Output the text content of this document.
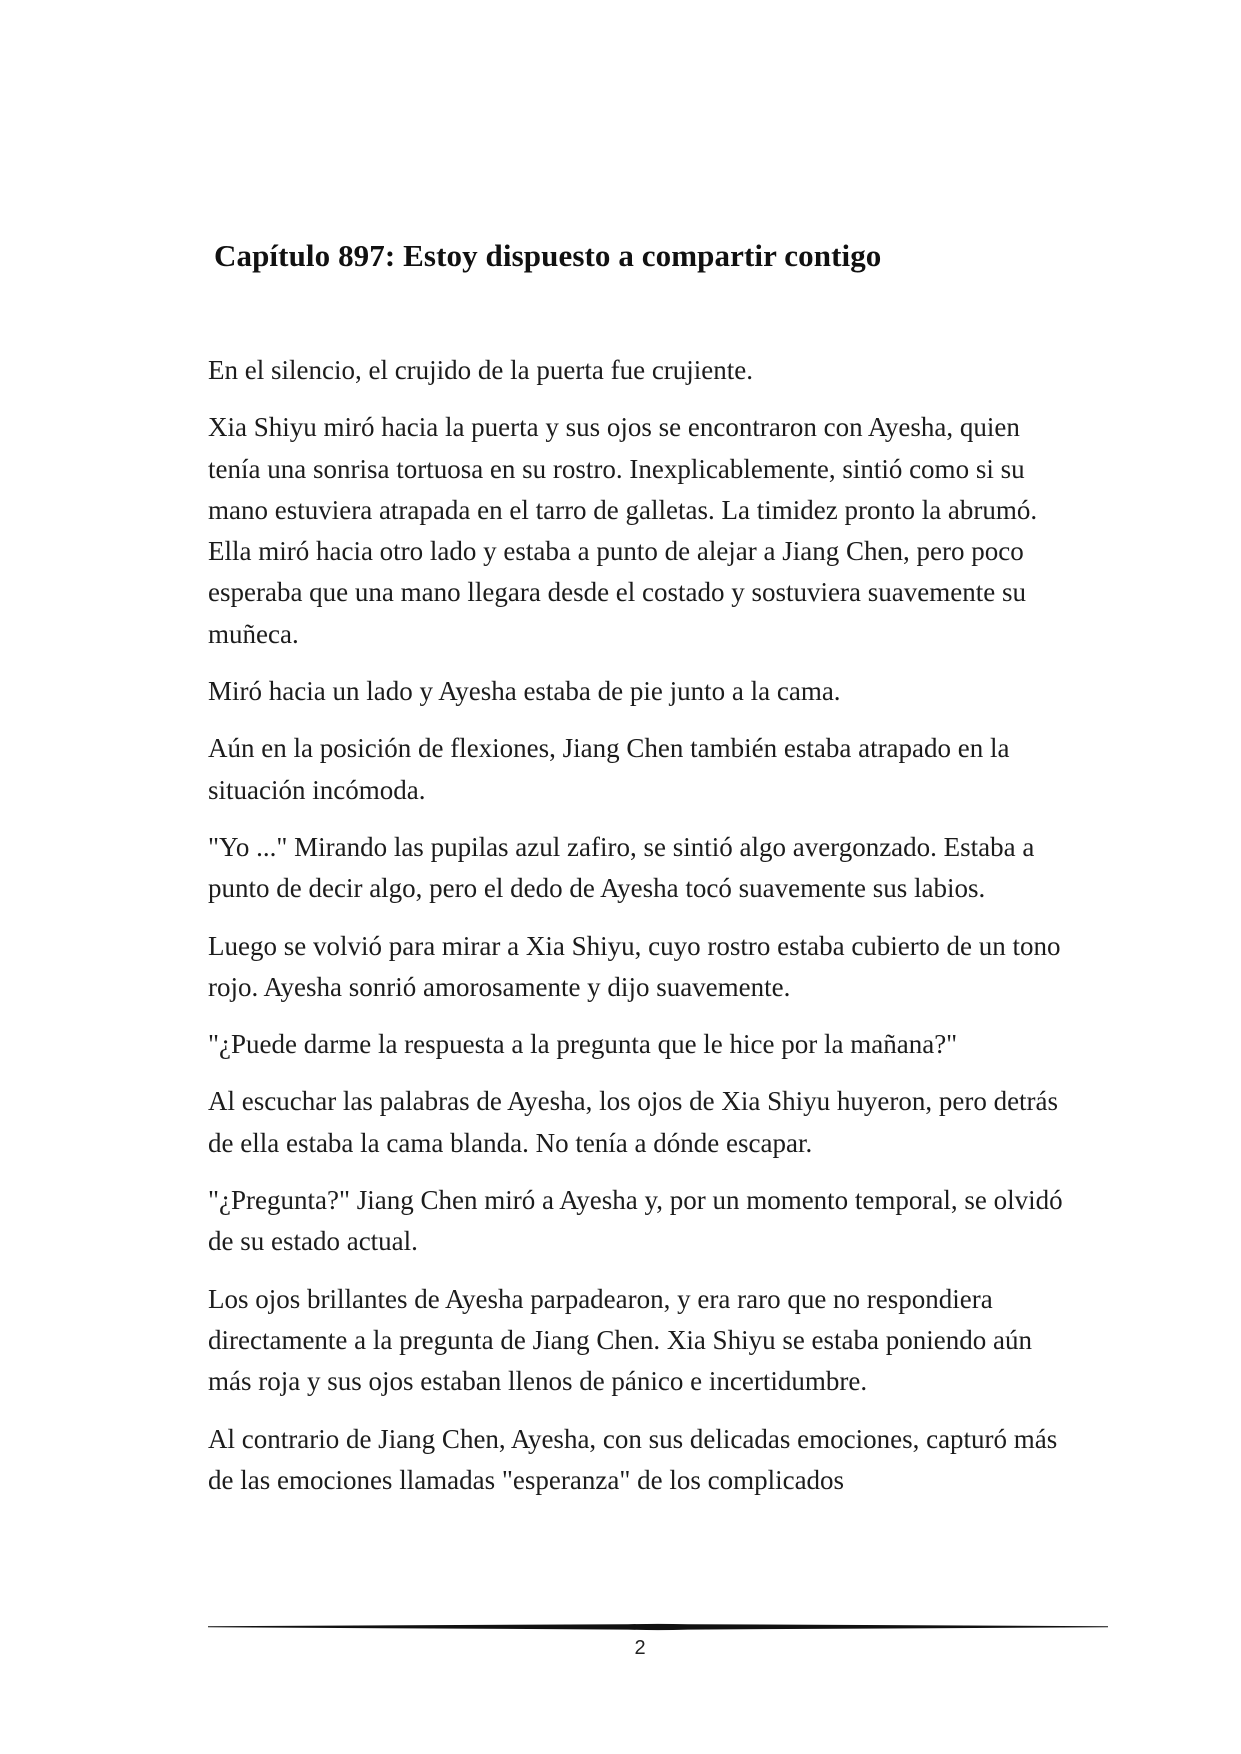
Capítulo 897: Estoy dispuesto a compartir contigo

En el silencio, el crujido de la puerta fue crujiente.

Xia Shiyu miró hacia la puerta y sus ojos se encontraron con Ayesha, quien tenía una sonrisa tortuosa en su rostro. Inexplicablemente, sintió como si su mano estuviera atrapada en el tarro de galletas. La timidez pronto la abrumó. Ella miró hacia otro lado y estaba a punto de alejar a Jiang Chen, pero poco esperaba que una mano llegara desde el costado y sostuviera suavemente su muñeca.

Miró hacia un lado y Ayesha estaba de pie junto a la cama.

Aún en la posición de flexiones, Jiang Chen también estaba atrapado en la situación incómoda.

"Yo ..." Mirando las pupilas azul zafiro, se sintió algo avergonzado. Estaba a punto de decir algo, pero el dedo de Ayesha tocó suavemente sus labios.

Luego se volvió para mirar a Xia Shiyu, cuyo rostro estaba cubierto de un tono rojo. Ayesha sonrió amorosamente y dijo suavemente.

"¿Puede darme la respuesta a la pregunta que le hice por la mañana?"

Al escuchar las palabras de Ayesha, los ojos de Xia Shiyu huyeron, pero detrás de ella estaba la cama blanda. No tenía a dónde escapar.

"¿Pregunta?" Jiang Chen miró a Ayesha y, por un momento temporal, se olvidó de su estado actual.

Los ojos brillantes de Ayesha parpadearon, y era raro que no respondiera directamente a la pregunta de Jiang Chen. Xia Shiyu se estaba poniendo aún más roja y sus ojos estaban llenos de pánico e incertidumbre.

Al contrario de Jiang Chen, Ayesha, con sus delicadas emociones, capturó más de las emociones llamadas "esperanza" de los complicados

2
